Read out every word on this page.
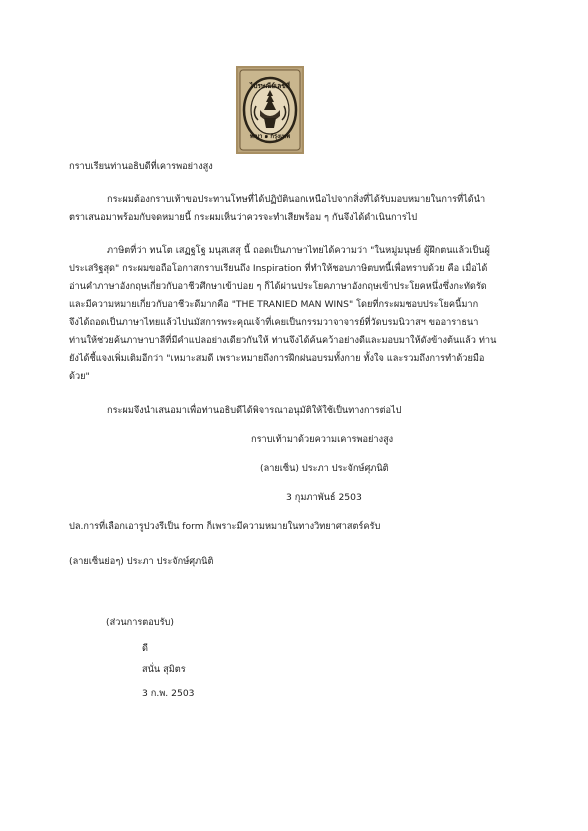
ไปรษณีย์เลขที่
พญา ๑ กรุงเทพ
กราบเรียนท่านอธิบดีที่เคารพอย่างสูง
กระผมต้องกราบเท้าขอประทานโทษที่ได้ปฏิบัตินอกเหนือไปจากสิ่งที่ได้รับมอบหมายในการที่ได้นำ
ตราเสนอมาพร้อมกับจดหมายนี้ กระผมเห็นว่าควรจะทำเสียพร้อม ๆ กันจึงได้ดำเนินการไป
ภาษิตที่ว่า ทนโต เสฏฐโฐ มนุสเสสุ นี้ ถอดเป็นภาษาไทยได้ความว่า "ในหมู่มนุษย์ ผู้ฝึกตนแล้วเป็นผู้
ประเสริฐสุด" กระผมขอถือโอกาสกราบเรียนถึง Inspiration ที่ทำให้ชอบภาษิตบทนี้เพื่อทราบด้วย คือ เมื่อได้
อ่านคำภาษาอังกฤษเกี่ยวกับอาชีวศึกษาเข้าบ่อย ๆ ก็ได้ผ่านประโยคภาษาอังกฤษเข้าประโยคหนึ่งซึ่งกะทัดรัด
และมีความหมายเกี่ยวกับอาชีวะดีมากคือ "THE TRANIED MAN WINS" โดยที่กระผมชอบประโยคนี้มาก
จึงได้ถอดเป็นภาษาไทยแล้วไปนมัสการพระคุณเจ้าที่เคยเป็นกรรมวาจาจารย์ที่วัดบรมนิวาสฯ ขออาราธนา
ท่านให้ช่วยค้นภาษาบาลีที่มีคำแปลอย่างเดียวกันให้ ท่านจึงได้ค้นคว้าอย่างดีและมอบมาให้ดังข้างต้นแล้ว ท่าน
ยังได้ชี้แจงเพิ่มเติมอีกว่า "เหมาะสมดี เพราะหมายถึงการฝึกฝนอบรมทั้งกาย ทั้งใจ และรวมถึงการทำด้วยมือ
ด้วย"
กระผมจึงนำเสนอมาเพื่อท่านอธิบดีได้พิจารณาอนุมัติให้ใช้เป็นทางการต่อไป
กราบเท้ามาด้วยความเคารพอย่างสูง
(ลายเซ็น) ประภา ประจักษ์ศุภนิติ
3 กุมภาพันธ์ 2503
ปล.การที่เลือกเอารูปวงรีเป็น form ก็เพราะมีความหมายในทางวิทยาศาสตร์ครับ
(ลายเซ็นย่อๆ) ประภา ประจักษ์ศุภนิติ
(ส่วนการตอบรับ)
ดี
สนั่น สุมิตร
3 ก.พ. 2503
